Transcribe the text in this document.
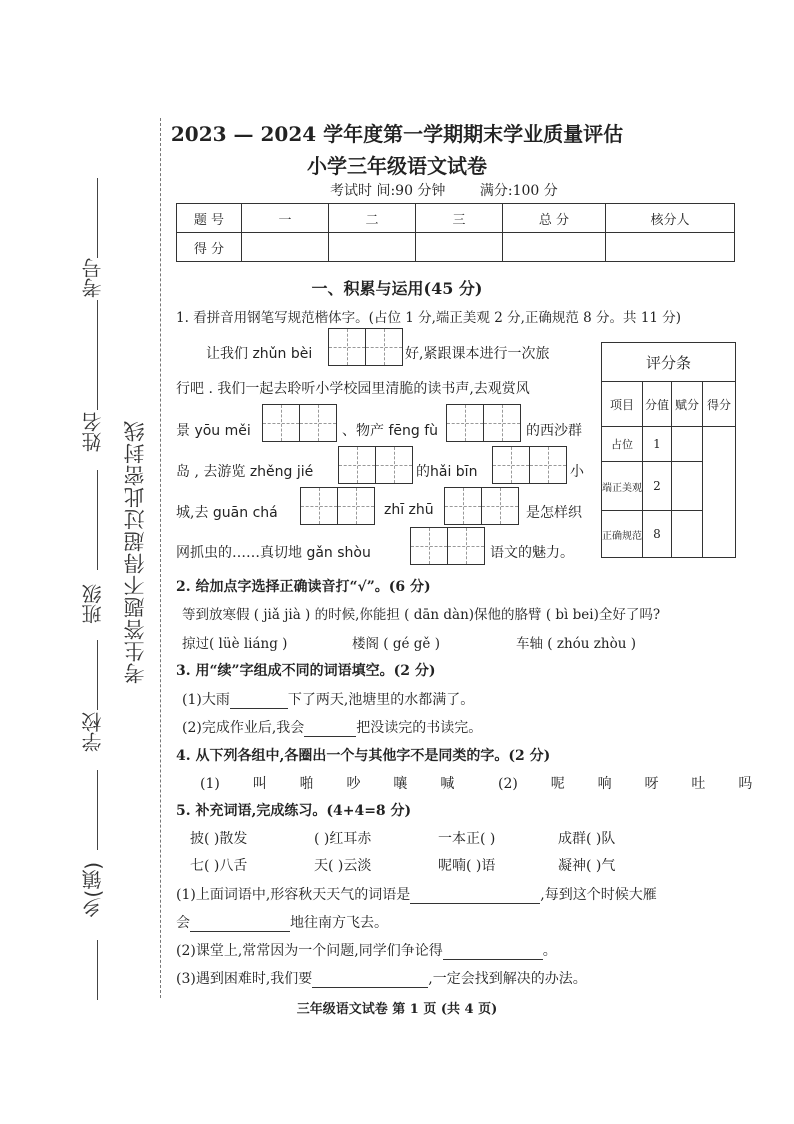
考号
姓名
班级
学校
乡(镇)
考生答题不得超过此密封线
2023 — 2024 学年度第一学期期末学业质量评估
小学三年级语文试卷
考试时 间:90 分钟 满分:100 分
题 号	一	二	三	总 分	核分人
得 分					
一、积累与运用(45 分)
1. 看拼音用钢笔写规范楷体字。(占位 1 分,端正美观 2 分,正确规范 8 分。共 11 分)
让我们 zhǔn bèi	好,紧跟课本进行一次旅
行吧 . 我们一起去聆听小学校园里清脆的读书声,去观赏风
景 yōu měi	、物产 fēng fù	的西沙群
岛 , 去游览 zhěng jié	的hǎi bīn	小
城,去 guān chá	zhī zhū	是怎样织
网抓虫的……真切地 gǎn shòu	语文的魅力。
评分条			
项目	分值	赋分	得分
占位	1		
端正美观	2		
正确规范	8		
2. 给加点字选择正确读音打“√”。(6 分)
等到放寒假 ( jiǎ jià ) 的时候,你能担 ( dān dàn)保他的胳臂 ( bì bei)全好了吗?
掠过( lüè liáng )	楼阁 ( gé gě )	车轴 ( zhóu zhòu )
3. 用“续”字组成不同的词语填空。(2 分)
(1)大雨	下了两天,池塘里的水都满了。
(2)完成作业后,我会	把没读完的书读完。
4. 从下列各组中,各圈出一个与其他字不是同类的字。(2 分)
(1)  叫  啪  吵  嚷  喊	(2)  呢  响  呀  吐  吗
5. 补充词语,完成练习。(4+4=8 分)
披( )散发	( )红耳赤	一本正( )	成群( )队
七( )八舌	天( )云淡	呢喃( )语	凝神( )气
(1)上面词语中,形容秋天天气的词语是	,每到这个时候大雁
会	地往南方飞去。
(2)课堂上,常常因为一个问题,同学们争论得	。
(3)遇到困难时,我们要	,一定会找到解决的办法。
三年级语文试卷 第 1 页 (共 4 页)
